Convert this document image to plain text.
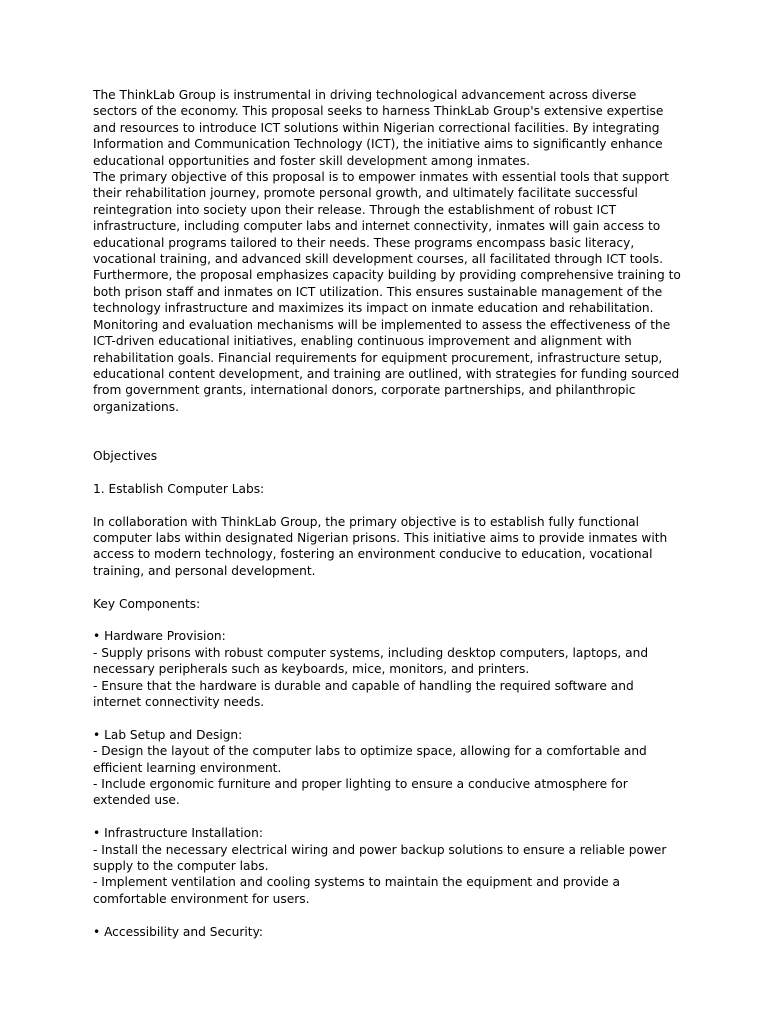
The ThinkLab Group is instrumental in driving technological advancement across diverse sectors of the economy. This proposal seeks to harness ThinkLab Group's extensive expertise and resources to introduce ICT solutions within Nigerian correctional facilities. By integrating Information and Communication Technology (ICT), the initiative aims to significantly enhance educational opportunities and foster skill development among inmates.

The primary objective of this proposal is to empower inmates with essential tools that support their rehabilitation journey, promote personal growth, and ultimately facilitate successful reintegration into society upon their release. Through the establishment of robust ICT infrastructure, including computer labs and internet connectivity, inmates will gain access to educational programs tailored to their needs. These programs encompass basic literacy, vocational training, and advanced skill development courses, all facilitated through ICT tools.

Furthermore, the proposal emphasizes capacity building by providing comprehensive training to both prison staff and inmates on ICT utilization. This ensures sustainable management of the technology infrastructure and maximizes its impact on inmate education and rehabilitation.

Monitoring and evaluation mechanisms will be implemented to assess the effectiveness of the ICT-driven educational initiatives, enabling continuous improvement and alignment with rehabilitation goals. Financial requirements for equipment procurement, infrastructure setup, educational content development, and training are outlined, with strategies for funding sourced from government grants, international donors, corporate partnerships, and philanthropic organizations.

Objectives

1. Establish Computer Labs:

In collaboration with ThinkLab Group, the primary objective is to establish fully functional computer labs within designated Nigerian prisons. This initiative aims to provide inmates with access to modern technology, fostering an environment conducive to education, vocational training, and personal development.

Key Components:

• Hardware Provision:

- Supply prisons with robust computer systems, including desktop computers, laptops, and necessary peripherals such as keyboards, mice, monitors, and printers.

- Ensure that the hardware is durable and capable of handling the required software and internet connectivity needs.

• Lab Setup and Design:

- Design the layout of the computer labs to optimize space, allowing for a comfortable and efficient learning environment.

- Include ergonomic furniture and proper lighting to ensure a conducive atmosphere for extended use.

• Infrastructure Installation:

- Install the necessary electrical wiring and power backup solutions to ensure a reliable power supply to the computer labs.

- Implement ventilation and cooling systems to maintain the equipment and provide a comfortable environment for users.

• Accessibility and Security:
